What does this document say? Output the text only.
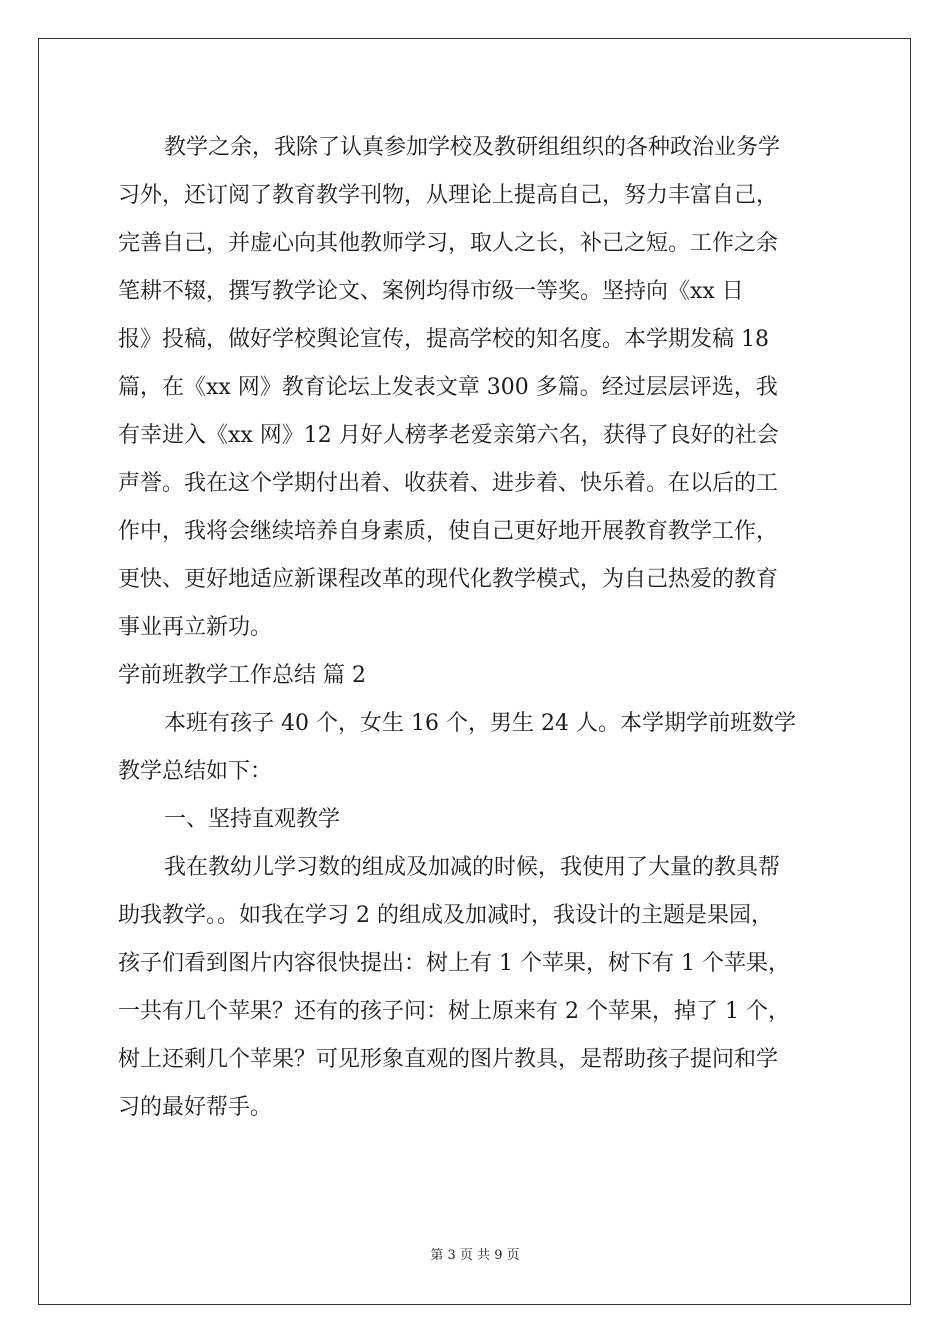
教学之余，我除了认真参加学校及教研组组织的各种政治业务学
习外，还订阅了教育教学刊物，从理论上提高自己，努力丰富自己，
完善自己，并虚心向其他教师学习，取人之长，补己之短。工作之余
笔耕不辍，撰写教学论文、案例均得市级一等奖。坚持向《xx 日
报》投稿，做好学校舆论宣传，提高学校的知名度。本学期发稿 18
篇，在《xx 网》教育论坛上发表文章 300 多篇。经过层层评选，我
有幸进入《xx 网》12 月好人榜孝老爱亲第六名，获得了良好的社会
声誉。我在这个学期付出着、收获着、进步着、快乐着。在以后的工
作中，我将会继续培养自身素质，使自己更好地开展教育教学工作，
更快、更好地适应新课程改革的现代化教学模式，为自己热爱的教育
事业再立新功。
学前班教学工作总结 篇 2
本班有孩子 40 个，女生 16 个，男生 24 人。本学期学前班数学
教学总结如下：
一、坚持直观教学
我在教幼儿学习数的组成及加减的时候，我使用了大量的教具帮
助我教学。。如我在学习 2 的组成及加减时，我设计的主题是果园，
孩子们看到图片内容很快提出：树上有 1 个苹果，树下有 1 个苹果，
一共有几个苹果？还有的孩子问：树上原来有 2 个苹果，掉了 1 个，
树上还剩几个苹果？可见形象直观的图片教具，是帮助孩子提问和学
习的最好帮手。
第 3 页 共 9 页
